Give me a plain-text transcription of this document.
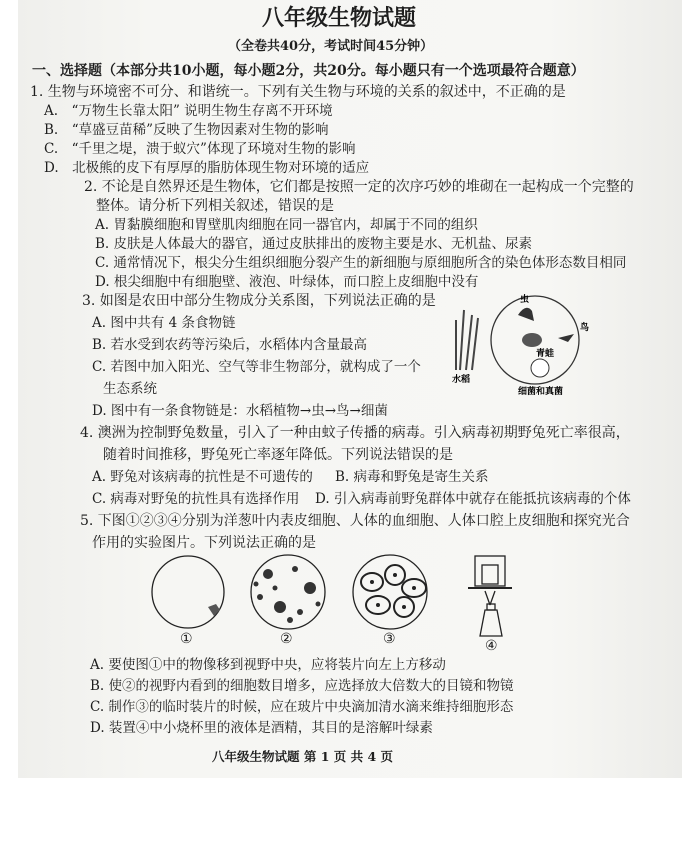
八年级生物试题
（全卷共40分，考试时间45分钟）
一、选择题（本部分共10小题，每小题2分，共20分。每小题只有一个选项最符合题意）
1. 生物与环境密不可分、和谐统一。下列有关生物与环境的关系的叙述中，不正确的是
A.　“万物生长靠太阳” 说明生物生存离不开环境
B.　“草盛豆苗稀”反映了生物因素对生物的影响
C.　“千里之堤，溃于蚁穴”体现了环境对生物的影响
D.　北极熊的皮下有厚厚的脂肪体现生物对环境的适应
2. 不论是自然界还是生物体，它们都是按照一定的次序巧妙的堆砌在一起构成一个完整的
整体。请分析下列相关叙述，错误的是
A. 胃黏膜细胞和胃壁肌肉细胞在同一器官内，却属于不同的组织
B. 皮肤是人体最大的器官，通过皮肤排出的废物主要是水、无机盐、尿素
C. 通常情况下，根尖分生组织细胞分裂产生的新细胞与原细胞所含的染色体形态数目相同
D. 根尖细胞中有细胞壁、液泡、叶绿体，而口腔上皮细胞中没有
3. 如图是农田中部分生物成分关系图，下列说法正确的是
A. 图中共有 4 条食物链
B. 若水受到农药等污染后，水稻体内含量最高
C. 若图中加入阳光、空气等非生物部分，就构成了一个
生态系统
D. 图中有一条食物链是：水稻植物→虫→鸟→细菌
虫
鸟
青蛙
水稻
细菌和真菌
4. 澳洲为控制野兔数量，引入了一种由蚊子传播的病毒。引入病毒初期野兔死亡率很高，
随着时间推移，野兔死亡率逐年降低。下列说法错误的是
A. 野兔对该病毒的抗性是不可遗传的 B. 病毒和野兔是寄生关系
C. 病毒对野兔的抗性具有选择作用 D. 引入病毒前野兔群体中就存在能抵抗该病毒的个体
5. 下图①②③④分别为洋葱叶内表皮细胞、人体的血细胞、人体口腔上皮细胞和探究光合
作用的实验图片。下列说法正确的是
①	②	③	④
A. 要使图①中的物像移到视野中央，应将装片向左上方移动
B. 使②的视野内看到的细胞数目增多，应选择放大倍数大的目镜和物镜
C. 制作③的临时装片的时候，应在玻片中央滴加清水滴来维持细胞形态
D. 装置④中小烧杯里的液体是酒精，其目的是溶解叶绿素
八年级生物试题 第 1 页 共 4 页
